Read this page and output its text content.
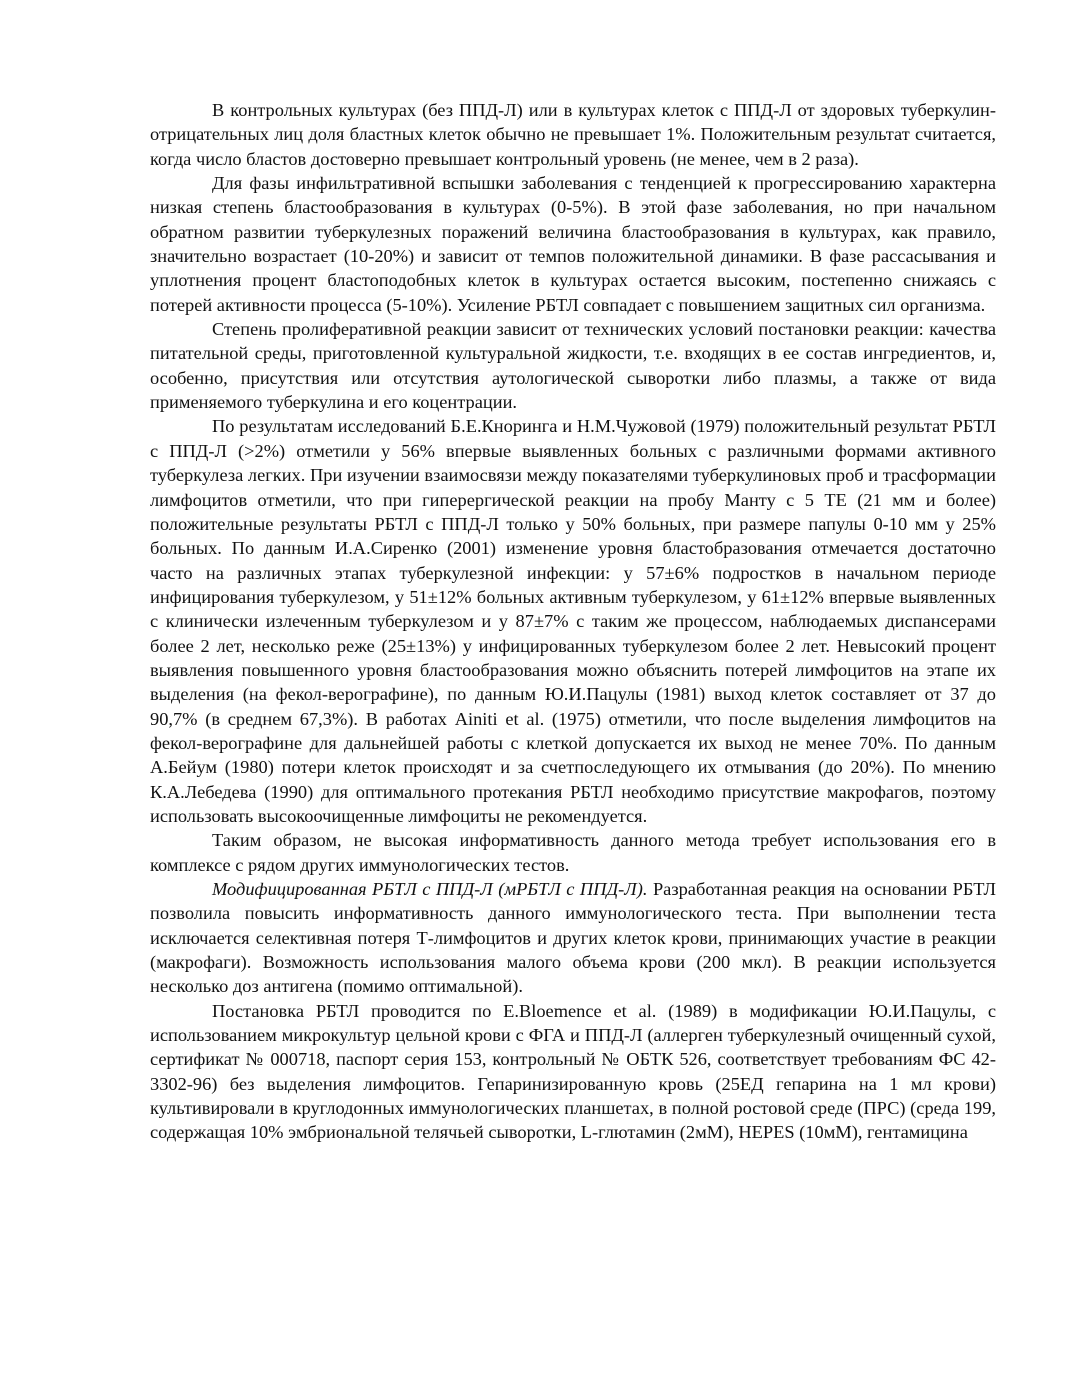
В контрольных культурах (без ППД-Л) или в культурах клеток с ППД-Л от здоровых туберкулин-отрицательных лиц доля бластных клеток обычно не превышает 1%. Положительным результат считается, когда число бластов достоверно превышает контрольный уровень (не менее, чем в 2 раза).

Для фазы инфильтративной вспышки заболевания с тенденцией к прогрессированию характерна низкая степень бластообразования в культурах (0-5%). В этой фазе заболевания, но при начальном обратном развитии туберкулезных поражений величина бластообразования в культурах, как правило, значительно возрастает (10-20%) и зависит от темпов положительной динамики. В фазе рассасывания и уплотнения процент бластоподобных клеток в культурах остается высоким, постепенно снижаясь с потерей активности процесса (5-10%). Усиление РБТЛ совпадает с повышением защитных сил организма.

Степень пролиферативной реакции зависит от технических условий постановки реакции: качества питательной среды, приготовленной культуральной жидкости, т.е. входящих в ее состав ингредиентов, и, особенно, присутствия или отсутствия аутологической сыворотки либо плазмы, а также от вида применяемого туберкулина и его коцентрации.

По результатам исследований Б.Е.Кноринга и Н.М.Чужовой (1979) положительный результат РБТЛ с ППД-Л (>2%) отметили у 56% впервые выявленных больных с различными формами активного туберкулеза легких. При изучении взаимосвязи между показателями туберкулиновых проб и трасформации лимфоцитов отметили, что при гиперергической реакции на пробу Манту с 5 ТЕ (21 мм и более) положительные результаты РБТЛ с ППД-Л только у 50% больных, при размере папулы 0-10 мм у 25% больных. По данным И.А.Сиренко (2001) изменение уровня бластобразования отмечается достаточно часто на различных этапах туберкулезной инфекции: у 57±6% подростков в начальном периоде инфицирования туберкулезом, у 51±12% больных активным туберкулезом, у 61±12% впервые выявленных с клинически излеченным туберкулезом и у 87±7% с таким же процессом, наблюдаемых диспансерами более 2 лет, несколько реже (25±13%) у инфицированных туберкулезом более 2 лет. Невысокий процент выявления повышенного уровня бластообразования можно объяснить потерей лимфоцитов на этапе их выделения (на фекол-верографине), по данным Ю.И.Пацулы (1981) выход клеток составляет от 37 до 90,7% (в среднем 67,3%). В работах Ainiti et al. (1975) отметили, что после выделения лимфоцитов на фекол-верографине для дальнейшей работы с клеткой допускается их выход не менее 70%. По данным А.Бейум (1980) потери клеток происходят и за счетпоследующего их отмывания (до 20%). По мнению К.А.Лебедева (1990) для оптимального протекания РБТЛ необходимо присутствие макрофагов, поэтому использовать высокоочищенные лимфоциты не рекомендуется.

Таким образом, не высокая информативность данного метода требует использования его в комплексе с рядом других иммунологических тестов.

Модифицированная РБТЛ с ППД-Л (мРБТЛ с ППД-Л). Разработанная реакция на основании РБТЛ позволила повысить информативность данного иммунологического теста. При выполнении теста исключается селективная потеря Т-лимфоцитов и других клеток крови, принимающих участие в реакции (макрофаги). Возможность использования малого объема крови (200 мкл). В реакции используется несколько доз антигена (помимо оптимальной).

Постановка РБТЛ проводится по E.Bloemence et al. (1989) в модификации Ю.И.Пацулы, с использованием микрокультур цельной крови с ФГА и ППД-Л (аллерген туберкулезный очищенный сухой, сертификат № 000718, паспорт серия 153, контрольный № ОБТК 526, соответствует требованиям ФС 42-3302-96) без выделения лимфоцитов. Гепаринизированную кровь (25ЕД гепарина на 1 мл крови) культивировали в круглодонных иммунологических планшетах, в полной ростовой среде (ПРС) (среда 199, содержащая 10% эмбриональной телячьей сыворотки, L-глютамин (2мМ), HEPES (10мМ), гентамицина
